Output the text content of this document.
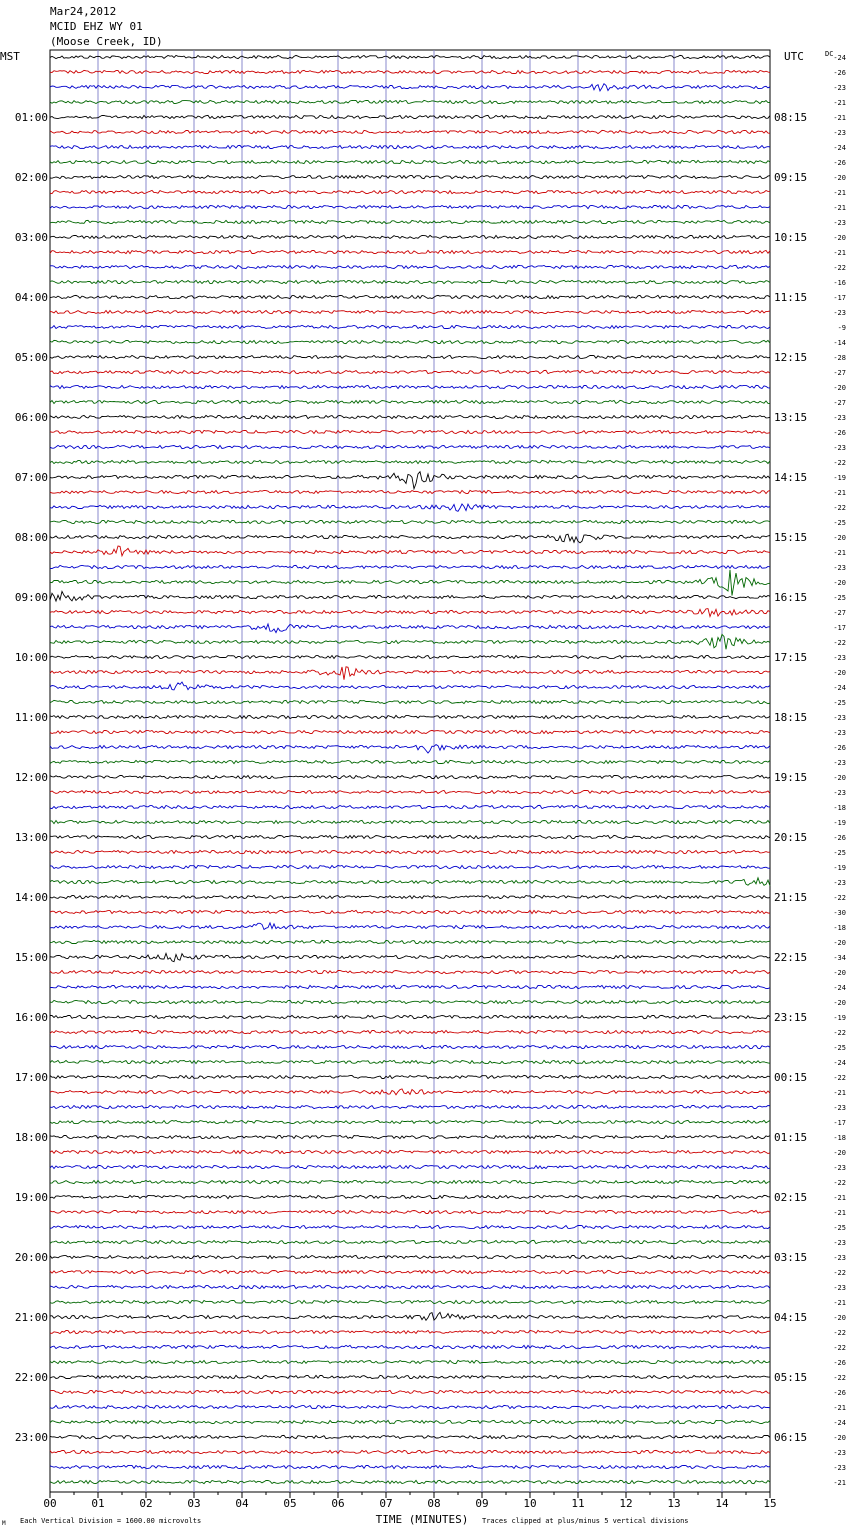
Mar24,2012
MCID EHZ WY 01
(Moose Creek, ID)
MST	UTC	DC
00	01	02	03	04	05	06	07	08	09	10	11	12	13	14	15
-24
-26
-23
-21
-21
-23
-24
-26
-20
-21
-21
-23
-20
-21
-22
-16
-17
-23
-9
-14
-28
-27
-20
-27
-23
-26
-23
-22
-19
-21
-22
-25
-20
-21
-23
-20
-25
-27
-17
-22
-23
-20
-24
-25
-23
-23
-26
-23
-20
-23
-18
-19
-26
-25
-19
-23
-22
-30
-18
-20
-34
-20
-24
-20
-19
-22
-25
-24
-22
-21
-23
-17
-18
-20
-23
-22
-21
-21
-25
-23
-23
-22
-23
-21
-20
-22
-22
-26
-22
-26
-21
-24
-20
-23
-23
-21
01:00
02:00
03:00
04:00
05:00
06:00
07:00
08:00
09:00
10:00
11:00
12:00
13:00
14:00
15:00
16:00
17:00
18:00
19:00
20:00
21:00
22:00
23:00
08:15
09:15
10:15
11:15
12:15
13:15
14:15
15:15
16:15
17:15
18:15
19:15
20:15
21:15
22:15
23:15
00:15
01:15
02:15
03:15
04:15
05:15
06:15
TIME (MINUTES)
Each Vertical Division = 1600.00 microvolts	Traces clipped at plus/minus 5 vertical divisions
M
